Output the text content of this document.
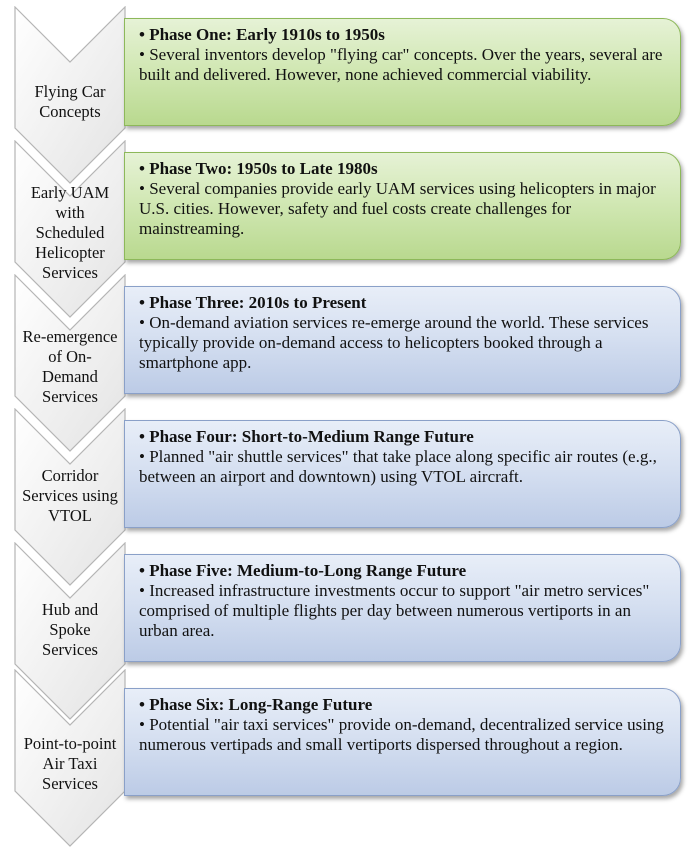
Flying Car
Concepts

• Phase One: Early 1910s to 1950s

• Several inventors develop "flying car" concepts. Over the years, several are built and delivered. However, none achieved commercial viability.

Early UAM
with
Scheduled
Helicopter
Services

• Phase Two: 1950s to Late 1980s

• Several companies provide early UAM services using helicopters in major U.S. cities. However, safety and fuel costs create challenges for mainstreaming.

Re-emergence
of On-
Demand
Services

• Phase Three: 2010s to Present

• On-demand aviation services re-emerge around the world. These services typically provide on-demand access to helicopters booked through a smartphone app.

Corridor
Services using
VTOL

• Phase Four: Short-to-Medium Range Future

• Planned "air shuttle services" that take place along specific air routes (e.g., between an airport and downtown) using VTOL aircraft.

Hub and
Spoke
Services

• Phase Five: Medium-to-Long Range Future

• Increased infrastructure investments occur to support "air metro services" comprised of multiple flights per day between numerous vertiports in an urban area.

Point-to-point
Air Taxi
Services

• Phase Six: Long-Range Future

• Potential "air taxi services" provide on-demand, decentralized service using numerous vertipads and small vertiports dispersed throughout a region.
